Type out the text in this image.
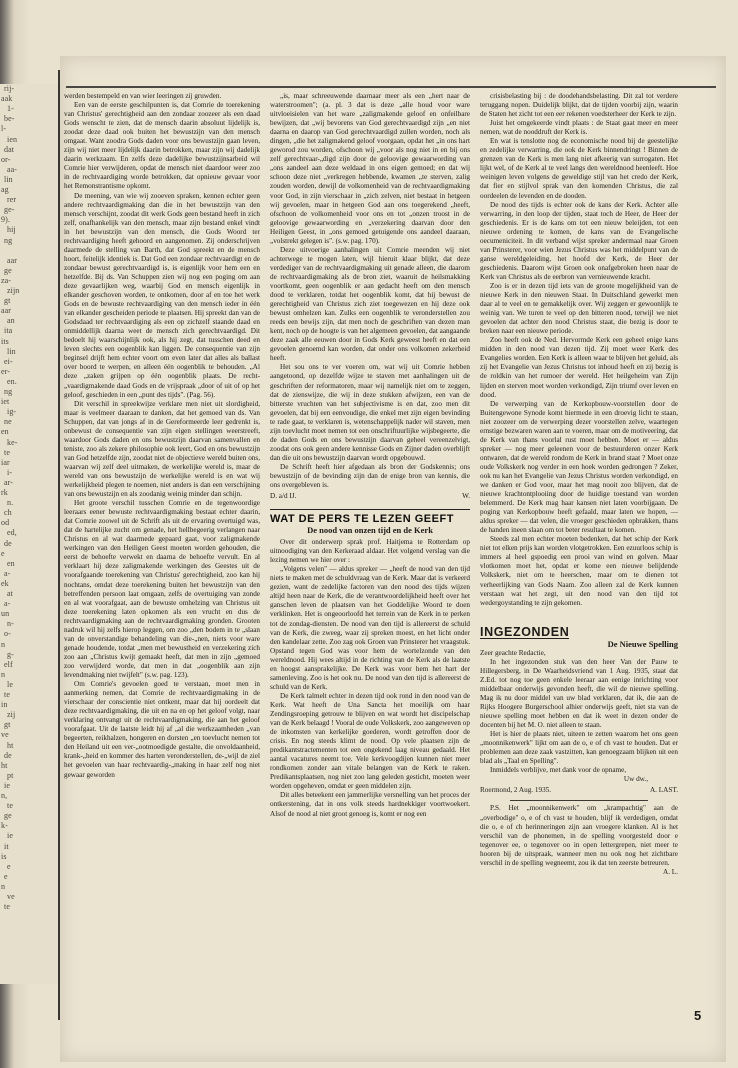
rij-
aak
1-
be-
l-
ien
dat
or-
aa-
lin
ag
rer
ge-
9).
hij
ng
aar
ge
za-
zijn
gt
aar
an
ita
its
lin
ei-
er-
en.
ng
iet
ig-
ne
en
ke-
te
iar
i-
ar-
rk
n.
ch
od
ed,
de
e
en
a-
ek
at
a-
un
n-
o-
n
g-
elf
n
le
te
in
zij
gt
ve
ht
de
ht
pt
ie
n,
te
ge
k-
ie
it
is
e
e
n
ve
te

werden bestempeld en van wier leeringen zij gruwden.

Een van de eerste geschilpunten is, dat Comrie de toerekening van Christus' gerechtigheid aan den zondaar zoozeer als een daad Gods wenscht te zien, dat de mensch daarin absoluut lijdelijk is, zoodat deze daad ook buiten het bewustzijn van den mensch omgaat. Want zoodra Gods daden voor ons bewustzijn gaan leven, zijn wij niet meer lijdelijk daarin betrokken, maar zijn wij dadelijk daarin werkzaam. En zelfs deze dadelijke bewustzijnsarbeid wil Comrie hier verwijderen, opdat de mensch niet daardoor weer zoo in de rechtvaardiging worde betrokken, dat opnieuw gevaar voor het Remonstrantisme opkomt.

De meening, van wie wij zooeven spraken, kennen echter geen andere rechtvaardigmaking dan die in het bewustzijn van den mensch verschijnt, zoodat dit werk Gods geen bestand heeft in zich zelf, onafhankelijk van den mensch, maar zijn bestand enkel vindt in het bewustzijn van den mensch, die Gods Woord ter rechtvaardiging heeft gehoord en aangenomen. Zij onderschrijven daarmede de stelling van Barth, dat God spreekt en de mensch hoort, feitelijk identiek is. Dat God een zondaar rechtvaardigt en de zondaar bewust gerechtvaardigd is, is eigenlijk voor hem een en hetzelfde. Bij ds. Van Schuppen zien wij nog een poging om aan deze gevaarlijken weg, waarbij God en mensch eigenlijk in elkander geschoven worden, te ontkomen, door af en toe het werk Gods en de bewuste rechtvaardiging van den mensch ieder in één van elkander gescheiden periode te plaatsen. Hij spreekt dan van de Godsdaad ter rechtvaardiging als een op zichzelf staande daad en onmiddellijk daarna weet de mensch zich gerechtvaardigd. Dit bedoelt hij waarschijnlijk ook, als hij zegt, dat tusschen deed en leven slechts een oogenblik kan liggen. De consequentie van zijn beginsel drijft hem echter voort om even later dat alles als ballast over boord te werpen, en alleen één oogenblik te behouden. „Al deze „zaken grijpen op één oogenblik plaats. De recht-„vaardigmakende daad Gods en de vrijspraak „door of uit of op het geloof, geschieden in een „punt des tijds". (Pag. 56).

Dit verschil in spreekwijze verklare men niet uit slordigheid, maar is veelmeer daaraan te danken, dat het gemoed van ds. Van Schuppen, dat van jongs af in de Gereformeerde leer gedrenkt is, onbewust de consequentie van zijn eigen stellingen weerstreeft, waardoor Gods daden en ons bewustzijn daarvan samenvallen en teniste, zoo als zekere philosophie ook leert, God en ons bewustzijn van God hetzelfde zijn, zoodat niet de objectieve wereld buiten ons, waarvan wij zelf deel uitmaken, de werkelijke wereld is, maar de wereld van ons bewustzijn de werkelijke wereld is en wat wij werkelijkheid plegen te noemen, niet anders is dan een verschijning van ons bewustzijn en als zoodanig weinig minder dan schijn.

Het groote verschil tusschen Comrie en de tegenwoordige leeraars eener bewuste rechtvaardigmaking bestaat echter daarin, dat Comrie zoowel uit de Schrift als uit de ervaring overtuigd was, dat de hartelijke zucht om genade, het hellbegeerig verlangen naar Christus en al wat daarmede gepaard gaat, voor zaligmakende werkingen van den Heiligen Geest moeten worden gehouden, die eerst de behoefte verwekt en daarna de behoefte vervult. En al verklaart hij deze zaligmakende werkingen des Geestes uit de voorafgaande toerekening van Christus' gerechtigheid, zoo kan hij nochtans, omdat deze toerekening buiten het bewustzijn van den betreffenden persoon laat omgaan, zelfs de overtuiging van zonde en al wat voorafgaat, aan de bewuste omhelzing van Christus uit deze toerekening laten opkomen als een vrucht en dus de rechtvaardigmaking aan de rechtvaardigmaking gronden. Grooten nadruk wil hij zelfs hierop leggen, om zoo „den bodem in te „slaan van de onverstandige behandeling van die-„nen, niets voor ware genade houdende, totdat „men met bewustheid en verzekering zich zoo aan „Christus kwijt gemaakt heeft, dat men in zijn „gemoed zoo verwijderd worde, dat men in dat „oogenblik aan zijn levendmaking niet twijfelt" (s.w. pag. 123).

Om Comrie's gevoelen goed te verstaan, moet men in aanmerking nemen, dat Comrie de rechtvaardigmaking in de vierschaar der conscientie niet ontkent, maar dat hij oordeelt dat deze rechtvaardigmaking, die uit en na en op het geloof volgt, naar verklaring ontvangt uit de rechtvaardigmaking, die aan het geloof voorafgaat. Uit de laatste leidt hij af „al die werkzaamheden „van begeerten, reikhalzen, hongeren en dorsten „en toevlucht nemen tot den Heiland uit een ver-„ootmoedigde gestalte, die onvoldaanheid, krank-„heid en kommer des harten veronderstellen, de-„wijl de ziel het gevoelen van haar rechtvaardig-„making in haar zelf nog niet gewaar geworden

„is, maar schreeuwende daarnaar meer als een „hert naar de waterstroomen"; (a. pl. 3 dat is deze „alle houd voor ware uitvloeisielen van het ware „zaligmakende geloof en onfeilbare bewijzen, dat „wij bevorens van God gerechtvaardigd zijn „en niet daarna en daarop van God gerechtvaardigd zullen worden, noch als dingen, „die het zaligmakend geloof voorgaan, opdat het „in ons hart geworod zou worden, ofschoon wij „voor als nog niet in en bij ons zelf gerechtvaar-„digd zijn door de geloovige gewaarwording van „ons aandeel aan deze weldaad in ons eigen gemoed; en dat wij schoon deze niet „verkregen hebbende, kwamen „te sterven, zalig zouden worden, dewijl de volkomenheid van de rechtvaardigmaking voor God, in zijn vierschaar in „zich zelven, niet bestaat in hetgeen wij gevoelen, maar in hetgeen God aan ons toegerekend „heeft, ofschoon de volkomenheid voor ons en tot „onzen troost in de geloovige gewaarwording en „verzekering daarvan door den Heiligen Geest, in „ons gemoed getuigende ons aandeel daaraan, „volstrekt gelegen is". (s.w. pag. 170).

Deze uitvoerige aanhalingen uit Comrie meenden wij niet achterwege te mogen laten, wijl hieruit klaar blijkt, dat deze verdediger van de rechtvaardigmaking uit genade alleen, die daarom de rechtvaardigmaking als de bron ziet, waaruit de heilsmakking voortkomt, geen oogenblik er aan gedacht heeft om den mensch dood te verklaren, totdat het oogenblik komt, dat hij bewust de gerechtigheid van Christus zich ziet toegewezen en hij deze ook bewust omhelzen kan. Zulks een oogenblik te veronderstellen zou reeds een bewijs zijn, dat men noch de geschriften van dezen man kent, noch op de hoogte is van het algemeen gevoelen, dat aangaande deze zaak alle eeuwen door in Gods Kerk geweest heeft en dat een gevoelen genoemd kan worden, dat onder ons volkomen zekerheid heeft.

Het sou ons te ver voeren om, wat wij uit Comrie hebben aangetoond, op dezelfde wijze te staven met aanhalingen uit de geschriften der reformatoren, maar wij namelijk niet om te zeggen, dat de zienswijze, die wij in deze stukken afwijzen, een van de bitterste vruchten van het subjectivisme is en dat, zoo men dit gevoelen, dat bij een eenvoudige, die enkel met zijn eigen bevinding te rade gaat, te verklaren is, wetenschappelijk nader wil staven, men zijn toevlucht moet nemen tot een onschriftuurlijke wijsbegeerte, die de daden Gods en ons bewustzijn daarvan geheel vereenzelvigt, zoodat ons ook geen andere kennisse Gods en Zijner daden overblijft dan die uit ons bewustzijn daarvan wordt opgebouwd.

De Schrift heeft hier afgedaan als bron der Godskennis; ons bewustzijn of de bevinding zijn dan de enige bron van kennis, die ons overgebleven is.

D. a/d IJ.	W.
WAT DE PERS TE LEZEN GEEFT
De nood van onzen tijd en de Kerk

Over dit onderwerp sprak prof. Haitjema te Rotterdam op uitnoodiging van den Kerkeraad aldaar. Het volgend verslag van die lezing nemen we hier over :

„Volgens velen" — aldus spreker — „heeft de nood van den tijd niets te maken met de schuldvraag van de Kerk. Maar dat is verkeerd gezien, want de zedelijke factoren van den nood des tijds wijzen altijd heen naar de Kerk, die de verantwoordelijkheid heeft over het ganschen leven de plaatsen van het Goddelijke Woord te doen verklinken. Het is ongeoorloofd het terrein van de Kerk in te perken tot de zondag-diensten. De nood van den tijd is allereerst de schuld van de Kerk, die zweeg, waar zij spreken moest, en het licht onder den kandelaar zette. Zoo zag ook Groen van Prinsterer het vraagstuk. Opstand tegen God was voor hem de wortelzonde van den wereldnood. Hij wees altijd in de richting van de Kerk als de laatste en hoogst aansprakelijke. De Kerk was voor hem het hart der samenleving. Zoo is het ook nu. De nood van den tijd is allereerst de schuld van de Kerk.

De Kerk talmelt echter in dezen tijd ook rond in den nood van de Kerk. Wat heeft de Una Sancta het moeilijk om haar Zendingsroeping getrouw te blijven en wat wordt het discipelschap van de Kerk belaagd ! Vooral de oude Volkskerk, zoo aangeweven op de inkomsten van kerkelijke goederen, wordt getroffen door de crisis. En nog steeds klimt de nood. Op vele plaatsen zijn de predikantstractementen tot een ongekend laag niveau gedaald. Het aantal vacatures neemt toe. Vele kerkvoogdijen kunnen niet meer rondkomen zonder aan vitale belangen van de Kerk te raken. Predikantsplaatsen, nog niet zoo lang geleden gesticht, moeten weer worden opgeheven, omdat er geen middelen zijn.

Dit alles beteekent een jammerlijke versnelling van het proces der ontkerstening, dat in ons volk steeds hardnekkiger voortwoekert. Alsof de nood al niet groot genoeg is, komt er nog een

crisisbelasting bij : de doodehandsbelasting. Dit zal tot verdere teruggang nopen. Duidelijk blijkt, dat de tijden voorbij zijn, waarin de Staten het zicht tot een eer rekenen voedsterheer der Kerk te zijn.

Juist het omgekeerde vindt plaats : de Staat gaat meer en meer nemen, wat de nooddruft der Kerk is.

En wat is tenslotte nog de economische nood bij de geestelijke en zedelijke verwarring, die ook de Kerk binnendringt ! Binnen de grenzen van de Kerk is men lang niet afkeerig van surrogaten. Het lijkt wel, of de Kerk al te veel langs den wereldnood heenleeft. Hoe weinigen leven volgens de geweldige stijl van het credo der Kerk, dat fier en stijlvol sprak van den komenden Christus, die zal oordeelen de levenden en de dooden.

De nood des tijds is echter ook de kans der Kerk. Achter alle verwarring, in den loop der tijden, staat toch de Heer, de Heer der geschiedenis. Er is de kans om tot een nieuw beleijden, tot een nieuwe ordening te komen, de kans van de Evangelische oecumeniciteit. In dit verband wijst spreker andermaal naar Groen van Prinsterer, voor wien Jezus Christus was het middelpunt van de ganse wereldgeleiding, het hoofd der Kerk, de Heer der geschiedenis. Daarom wijst Groen ook onafgebroken heen naar de Kerk van Christus als de eerbron van vernieuwende kracht.

Zoo is er in dezen tijd iets van de groote mogelijkheid van de nieuwe Kerk in den nieuwen Staat. In Duitschland gewerkt men daar al te veel en te gemakkelijk over. Wij zeggen er gewoonlijk te weinig van. We turen te veel op den bitteren nood, terwijl we niet gevoelen dat achter den nood Christus staat, die bezig is door te breken naar een nieuwe periode.

Zoo heeft ook de Ned. Hervormde Kerk een geheel enige kans midden in den nood van dezen tijd. Zij moet weer Kerk des Evangelies worden. Een Kerk is alleen waar te blijven het geluid, als zij het Evangelie van Jezus Christus tot inhoud heeft en zij bezig is de roldkin van het rumoer der wereld. Het heilgeheim van Zijn lijden en sterven moet worden verkondigd, Zijn triumf over leven en dood.

De verwerping van de Kerkopbouw-voorstellen door de Buitengewone Synode komt hiermede in een droevig licht te staan, niet zoozeer om de verwerping dezer voorstellen zelve, waartegen ernstige bezwaren waren aan te voeren, maar om de motiveering, dat de Kerk van thans voorlal rust moet hebben. Moet er — aldus spreker — nog meer geleenen voor de bestuurderen onzer Kerk ontwaren, dat de wereld rondom de Kerk in brand staat ? Moet onze oude Volkskerk nog verder in een hoek worden gedrongen ? Zeker, ook nu kan het Evangelie van Jezus Christus worden verkondigd, en we danken er God voor, maar het mag nooit zoo blijven, dat de nieuwe krachtontplooiing door de huidige toestand van worden belemmerd. De Kerk mag haar kansen niet laten voorbijgaan. De poging van Kerkopbouw heeft gefaald, maar laten we hopen, — aldus spreker — dat velen, die vroeger geschieden opbrakken, thans de handen ineen slaan om tot beter resultaat te komen.

Steeds zal men echter moeten bedenken, dat het schip der Kerk niet tot elken prijs kan worden vlotgetrokken. Een ezuurloos schip is immers al heel gspoedig een prooi van wind en golven. Maar vlotkomen moet het, opdat er kome een nieuwe belijdende Volkskerk, niet om te heerschen, maar om te dienen tot verheerlijking van Gods Naam. Zoo alleen zal de Kerk kunnen verstaan wat het zegt, uit den nood van den tijd tot wedergoystanding te zijn gekomen.

INGEZONDEN
De Nieuwe Spelling

Zeer geachte Redactie,

In het ingezonden stuk van den heer Van der Pauw te Hillegersberg, in De Waarheidsvriend van 1 Aug. 1935, staat dat Z.Ed. tot nog toe geen enkele leeraar aan eenige inrichting voor middelbaar onderwijs gevonden heeft, die wil de nieuwe spelling. Mag ik nu door middel van uw blad verklaren, dat ik, die aan de Rijks Hoogere Burgerschool alhier onderwijs geeft, niet sta van de nieuwe spelling moet hebben en dat ik weet in dezen onder de docenten bij het M. O. niet alleen te staan.

Het is hier de plaats niet, uiteen te zetten waarom het ons geen „moonnikenwerk" lijkt om aan de o, e of ch vast te houden. Dat er problemen aan deze zaak vastzitten, kan genoegzaam blijken uit een blad als „Taal en Spelling".

Inmiddels verblijve, met dank voor de opname,

Uw dw.,

Roermond, 2 Aug. 1935.	A. LAST.

P.S. Het „moonnikenwerk" om „krampachtig" aan de „overbodige" o, e of ch vast te houden, blijf ik verdedigen, omdat die o, e of ch herinneringen zijn aan vroegere klanken. Al is het verschil van de phonemen, in de spelling voorgesteld door e tegenover ee, o tegenover oo in open lettergrepen, niet meer te hooren bij de uitspraak, wanneer men nu ook nog het zichtbare verschil in de spelling wegneemt, zou ik dat ten zeerste betreuren.

A. L.
5
